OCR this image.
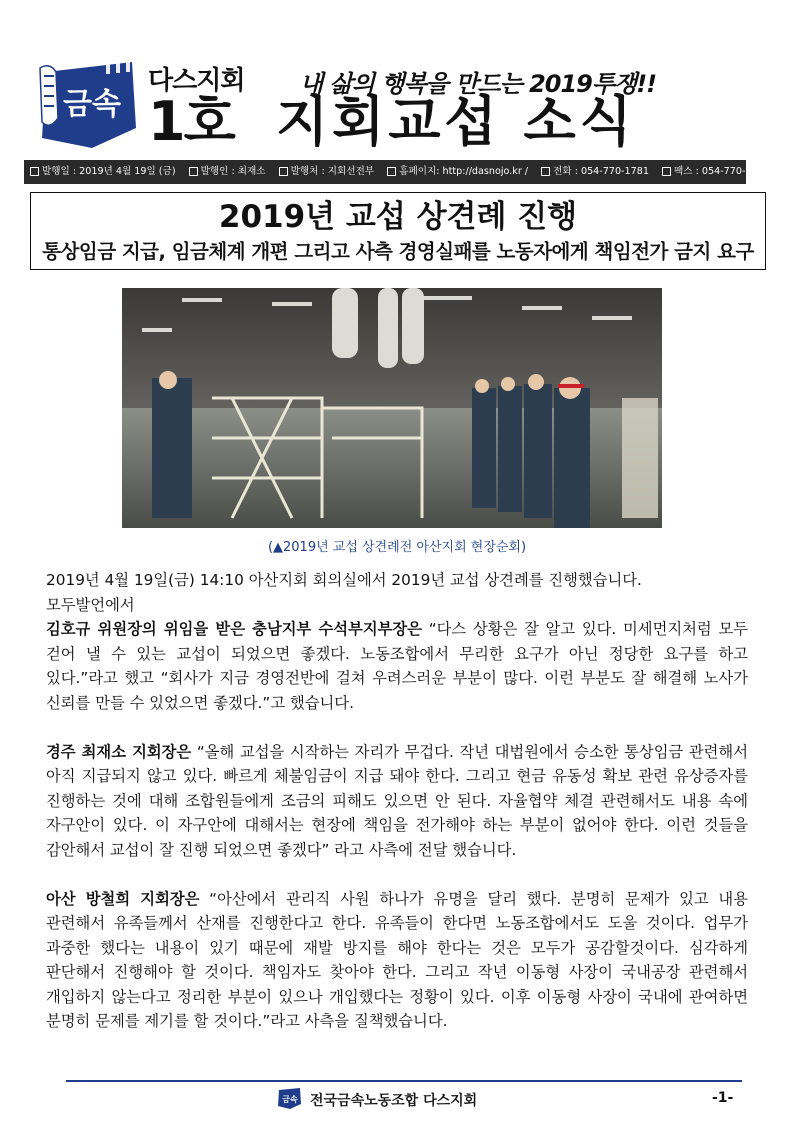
금속
다스지회 내 삶의 행복을 만드는 2019투쟁!!
1호 지회교섭 소식
발행일 : 2019년 4월 19일 (금)	발행인 : 최재소	발행처 : 지회선전부	홈페이지: http://dasnojo.kr /	전화 : 054-770-1781	팩스 : 054-770-1780
2019년 교섭 상견례 진행
통상임금 지급, 임금체계 개편 그리고 사측 경영실패를 노동자에게 책임전가 금지 요구
(▲2019년 교섭 상견례전 아산지회 현장순회)

2019년 4월 19일(금) 14:10 아산지회 회의실에서 2019년 교섭 상견례를 진행했습니다.

모두발언에서

김호규 위원장의 위임을 받은 충남지부 수석부지부장은 “다스 상황은 잘 알고 있다. 미세먼지처럼 모두 걷어 낼 수 있는 교섭이 되었으면 좋겠다. 노동조합에서 무리한 요구가 아닌 정당한 요구를 하고 있다.”라고 했고 “회사가 지금 경영전반에 걸쳐 우려스러운 부분이 많다. 이런 부분도 잘 해결해 노사가 신뢰를 만들 수 있었으면 좋겠다.”고 했습니다.

경주 최재소 지회장은 “올해 교섭을 시작하는 자리가 무겁다. 작년 대법원에서 승소한 통상임금 관련해서 아직 지급되지 않고 있다. 빠르게 체불임금이 지급 돼야 한다. 그리고 현금 유동성 확보 관련 유상증자를 진행하는 것에 대해 조합원들에게 조금의 피해도 있으면 안 된다. 자율협약 체결 관련해서도 내용 속에 자구안이 있다. 이 자구안에 대해서는 현장에 책임을 전가해야 하는 부분이 없어야 한다. 이런 것들을 감안해서 교섭이 잘 진행 되었으면 좋겠다” 라고 사측에 전달 했습니다.

아산 방철희 지회장은 “아산에서 관리직 사원 하나가 유명을 달리 했다. 분명히 문제가 있고 내용 관련해서 유족들께서 산재를 진행한다고 한다. 유족들이 한다면 노동조합에서도 도울 것이다. 업무가 과중한 했다는 내용이 있기 때문에 재발 방지를 해야 한다는 것은 모두가 공감할것이다. 심각하게 판단해서 진행해야 할 것이다. 책임자도 찾아야 한다. 그리고 작년 이동형 사장이 국내공장 관련해서 개입하지 않는다고 정리한 부분이 있으나 개입했다는 정황이 있다. 이후 이동형 사장이 국내에 관여하면 분명히 문제를 제기를 할 것이다.”라고 사측을 질책했습니다.

금속 전국금속노동조합 다스지회	-1-
